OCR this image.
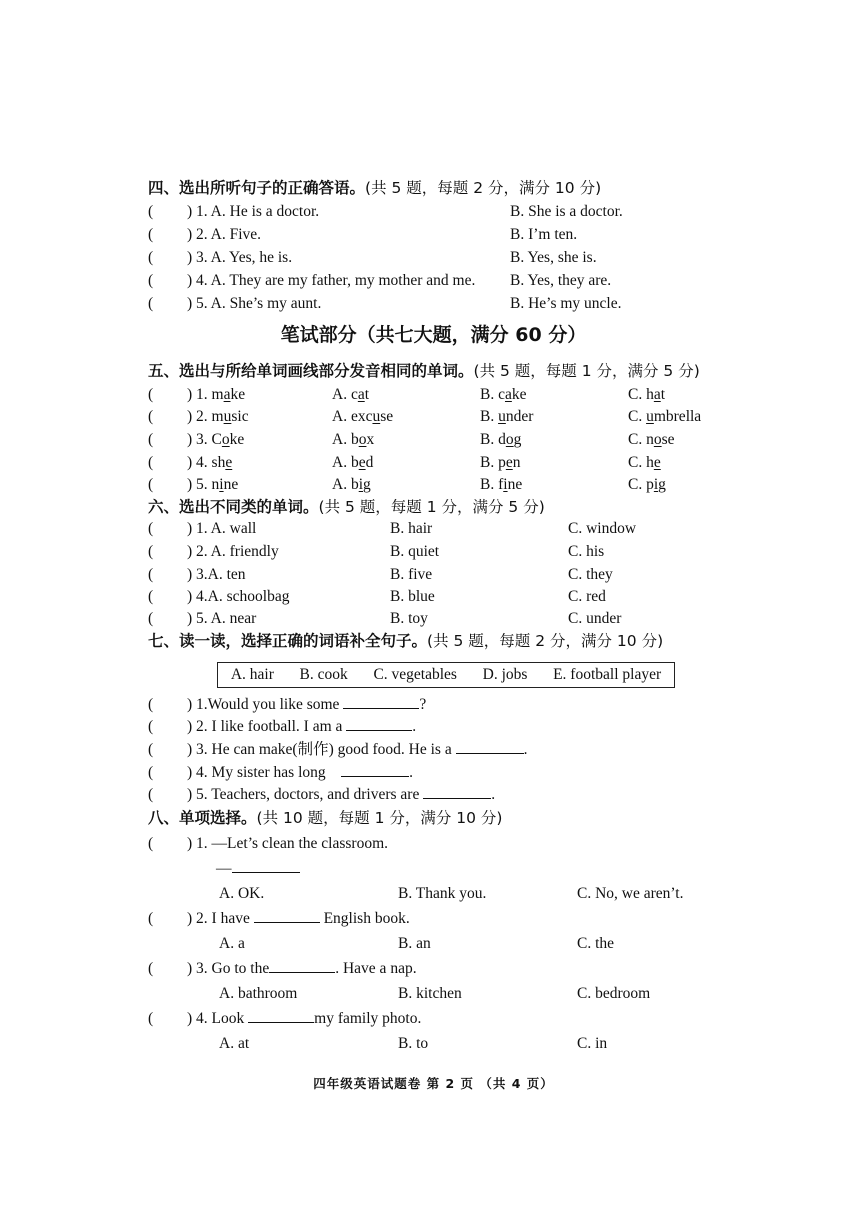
四、选出所听句子的正确答语。(共 5 题，每题 2 分，满分 10 分)
( ) 1. A. He is a doctor.	B. She is a doctor.
( ) 2. A. Five.	B. I’m ten.
( ) 3. A. Yes, he is.	B. Yes, she is.
( ) 4. A. They are my father, my mother and me. B. Yes, they are.
( ) 5. A. She’s my aunt.	B. He’s my uncle.
笔试部分（共七大题，满分 60 分）
五、选出与所给单词画线部分发音相同的单词。(共 5 题，每题 1 分，满分 5 分)
( ) 1. make	A. cat	B. cake	C. hat
( ) 2. music	A. excuse	B. under	C. umbrella
( ) 3. Coke	A. box	B. dog	C. nose
( ) 4. she	A. bed	B. pen	C. he
( ) 5. nine	A. big	B. fine	C. pig
六、选出不同类的单词。(共 5 题，每题 1 分，满分 5 分)
( ) 1. A. wall	B. hair	C. window
( ) 2. A. friendly	B. quiet	C. his
( ) 3.A. ten	B. five	C. they
( ) 4.A. schoolbag	B. blue	C. red
( ) 5. A. near	B. toy	C. under
七、读一读，选择正确的词语补全句子。(共 5 题，每题 2 分，满分 10 分)
A. hair B. cook C. vegetables D. jobs E. football player
( ) 1.Would you like some	?
( ) 2. I like football. I am a	.
( ) 3. He can make(制作) good food. He is a	.
( ) 4. My sister has long	.
( ) 5. Teachers, doctors, and drivers are	.
八、单项选择。(共 10 题，每题 1 分，满分 10 分)
( ) 1. —Let’s clean the classroom.
—
A. OK.	B. Thank you.	C. No, we aren’t.
( ) 2. I have	English book.
A. a	B. an	C. the
( ) 3. Go to the	. Have a nap.
A. bathroom	B. kitchen	C. bedroom
( ) 4. Look	my family photo.
A. at	B. to	C. in
四年级英语试题卷 第 2 页 （共 4 页）
